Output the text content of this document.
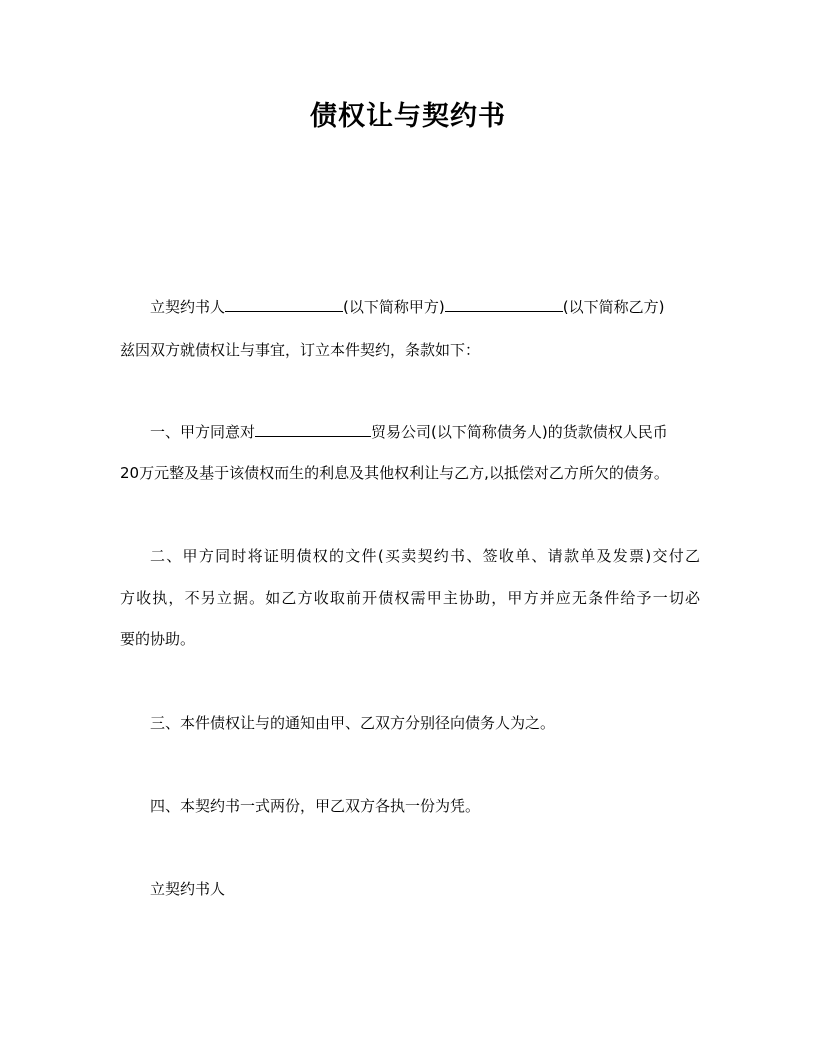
债权让与契约书
立契约书人	(以下简称甲方)	(以下简称乙方)
兹因双方就债权让与事宜，订立本件契约，条款如下：
一、甲方同意对	贸易公司(以下简称债务人)的货款债权人民币
20万元整及基于该债权而生的利息及其他权利让与乙方,以抵偿对乙方所欠的债务。
二、甲方同时将证明债权的文件(买卖契约书、签收单、请款单及发票)交付乙
方收执，不另立据。如乙方收取前开债权需甲主协助，甲方并应无条件给予一切必
要的协助。
三、本件债权让与的通知由甲、乙双方分别径向债务人为之。
四、本契约书一式两份，甲乙双方各执一份为凭。
立契约书人
